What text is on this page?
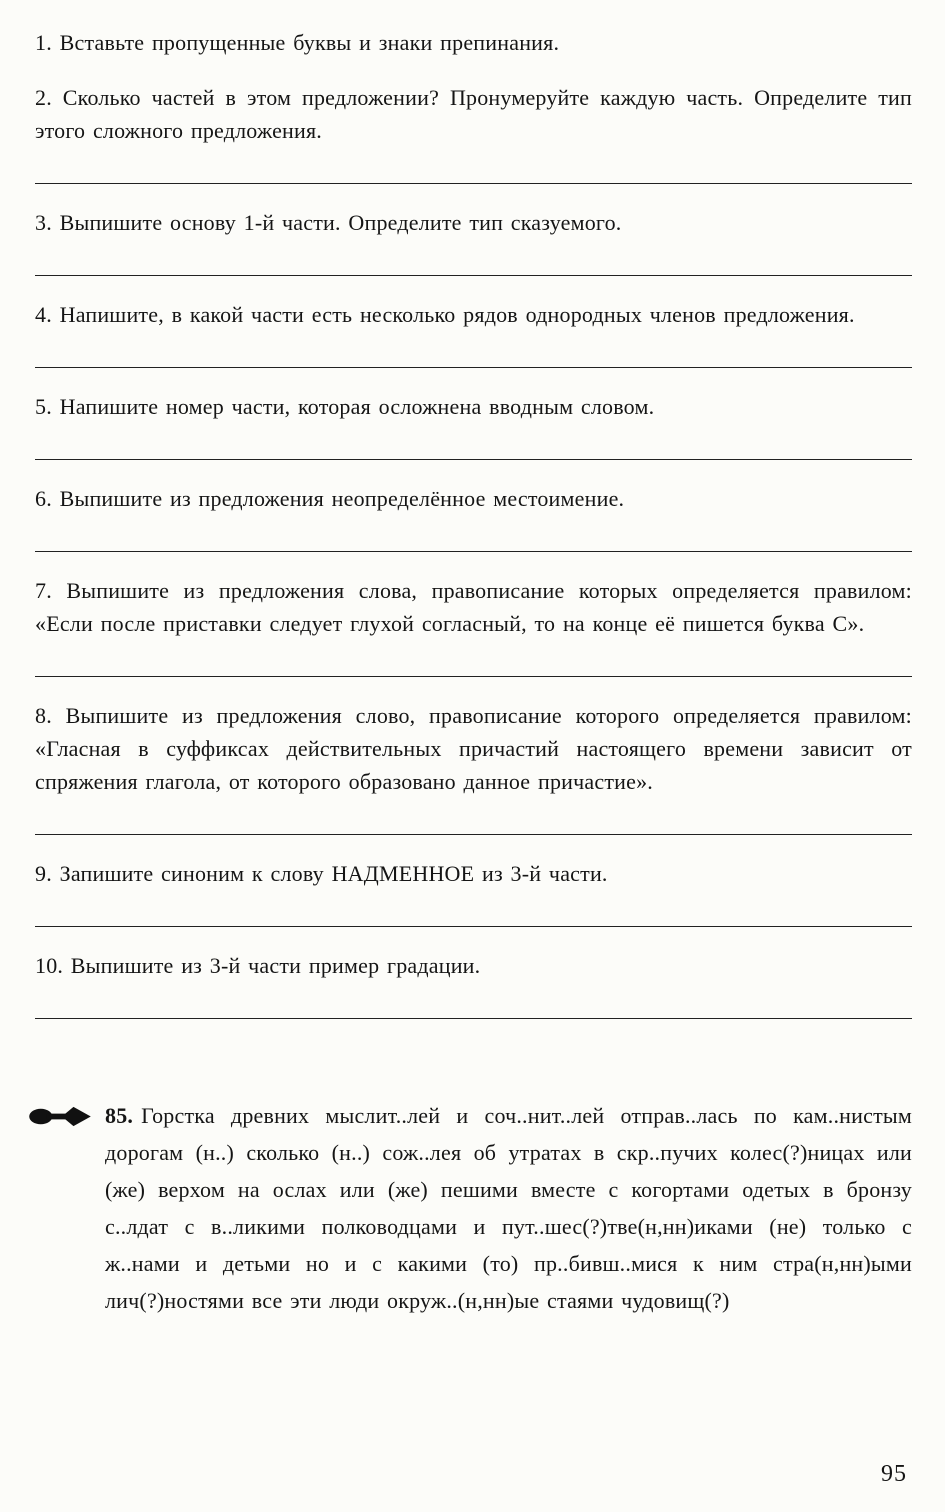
1. Вставьте пропущенные буквы и знаки препинания.

2. Сколько частей в этом предложении? Пронумеруйте каждую часть. Определите тип этого сложного предложения.

3. Выпишите основу 1-й части. Определите тип сказуемого.

4. Напишите, в какой части есть несколько рядов однородных членов предложения.

5. Напишите номер части, которая осложнена вводным словом.

6. Выпишите из предложения неопределённое местоимение.

7. Выпишите из предложения слова, правописание которых определяется правилом: «Если после приставки следует глухой согласный, то на конце её пишется буква С».

8. Выпишите из предложения слово, правописание которого определяется правилом: «Гласная в суффиксах действительных причастий настоящего времени зависит от спряжения глагола, от которого образовано данное причастие».

9. Запишите синоним к слову НАДМЕННОЕ из 3-й части.

10. Выпишите из 3-й части пример градации.

85. Горстка древних мыслит..лей и соч..нит..лей отправ..лась по кам..нистым дорогам (н..) сколько (н..) сож..лея об утратах в скр..пучих колес(?)ницах или (же) верхом на ослах или (же) пешими вместе с когортами одетых в бронзу с..лдат с в..ликими полководцами и пут..шес(?)тве(н,нн)иками (не) только с ж..нами и детьми но и с какими (то) пр..бивш..мися к ним стра(н,нн)ыми лич(?)ностями все эти люди окруж..(н,нн)ые стаями чудовищ(?)

95
